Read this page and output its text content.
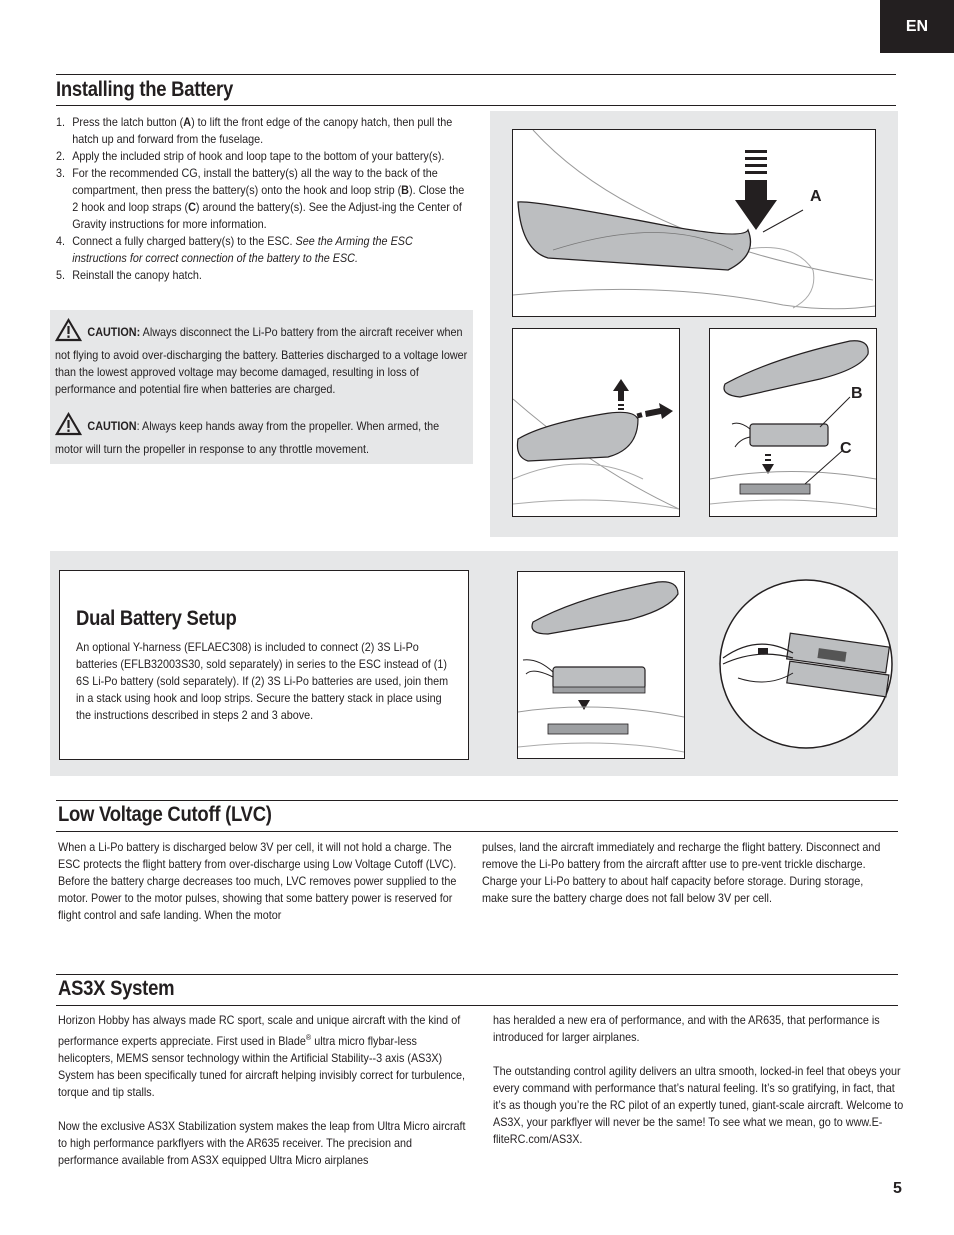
EN
Installing the Battery
1. Press the latch button (A) to lift the front edge of the canopy hatch, then pull the hatch up and forward from the fuselage.
2. Apply the included strip of hook and loop tape to the bottom of your battery(s).
3. For the recommended CG, install the battery(s) all the way to the back of the compartment, then press the battery(s) onto the hook and loop strip (B). Close the 2 hook and loop straps (C) around the battery(s). See the Adjust-ing the Center of Gravity instructions for more information.
4. Connect a fully charged battery(s) to the ESC. See the Arming the ESC instructions for correct connection of the battery to the ESC.
5. Reinstall the canopy hatch.
CAUTION: Always disconnect the Li-Po battery from the aircraft receiver when not flying to avoid over-discharging the battery. Batteries discharged to a voltage lower than the lowest approved voltage may become damaged, resulting in loss of performance and potential fire when batteries are charged.
CAUTION: Always keep hands away from the propeller. When armed, the motor will turn the propeller in response to any throttle movement.
A
B
C
Dual Battery Setup
An optional Y-harness (EFLAEC308) is included to connect (2) 3S Li-Po batteries (EFLB32003S30, sold separately) in series to the ESC instead of (1) 6S Li-Po battery (sold separately). If (2) 3S Li-Po batteries are used, join them in a stack using hook and loop strips. Secure the battery stack in place using the instructions described in steps 2 and 3 above.
Low Voltage Cutoff (LVC)
When a Li-Po battery is discharged below 3V per cell, it will not hold a charge. The ESC protects the flight battery from over-discharge using Low Voltage Cutoff (LVC). Before the battery charge decreases too much, LVC removes power supplied to the motor. Power to the motor pulses, showing that some battery power is reserved for flight control and safe landing. When the motor
pulses, land the aircraft immediately and recharge the flight battery. Disconnect and remove the Li-Po battery from the aircraft aftter use to pre-vent trickle discharge. Charge your Li-Po battery to about half capacity before storage. During storage, make sure the battery charge does not fall below 3V per cell.
AS3X System
Horizon Hobby has always made RC sport, scale and unique aircraft with the kind of performance experts appreciate. First used in Blade® ultra micro flybar-less helicopters, MEMS sensor technology within the Artificial Stability--3 axis (AS3X) System has been specifically tuned for aircraft helping invisibly correct for turbulence, torque and tip stalls.
Now the exclusive AS3X Stabilization system makes the leap from Ultra Micro aircraft to high performance parkflyers with the AR635 receiver. The precision and performance available from AS3X equipped Ultra Micro airplanes
has heralded a new era of performance, and with the AR635, that performance is introduced for larger airplanes.
The outstanding control agility delivers an ultra smooth, locked-in feel that obeys your every command with performance that’s natural feeling. It’s so gratifying, in fact, that it’s as though you’re the RC pilot of an expertly tuned, giant-scale aircraft. Welcome to AS3X, your parkflyer will never be the same! To see what we mean, go to www.E-fliteRC.com/AS3X.
5
